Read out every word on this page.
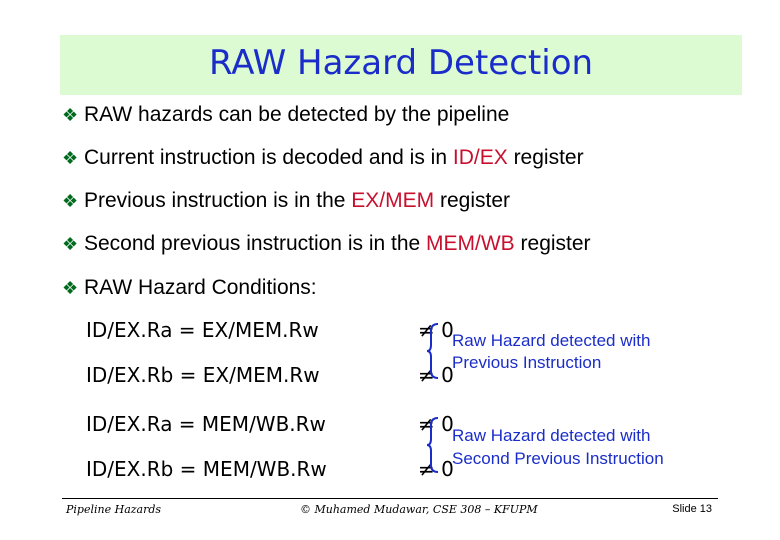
RAW Hazard Detection
❖ RAW hazards can be detected by the pipeline
❖ Current instruction is decoded and is in ID/EX register
❖ Previous instruction is in the EX/MEM register
❖ Second previous instruction is in the MEM/WB register
❖ RAW Hazard Conditions:
ID/EX.Ra = EX/MEM.Rw	≠ 0
ID/EX.Rb = EX/MEM.Rw	≠ 0
ID/EX.Ra = MEM/WB.Rw	≠ 0
ID/EX.Rb = MEM/WB.Rw	≠ 0
Raw Hazard detected with
Previous Instruction
Raw Hazard detected with
Second Previous Instruction
Pipeline Hazards	© Muhamed Mudawar, CSE 308 – KFUPM	Slide 13
